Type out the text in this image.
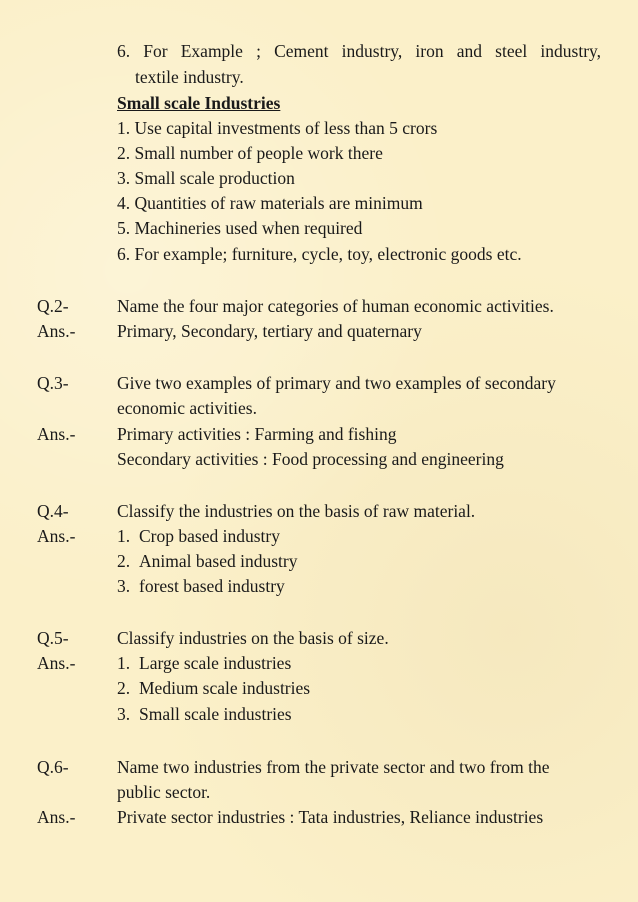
6. For Example ; Cement industry, iron and steel industry,
textile industry.
Small scale Industries
1. Use capital investments of less than 5 crors
2. Small number of people work there
3. Small scale production
4. Quantities of raw materials are minimum
5. Machineries used when required
6. For example; furniture, cycle, toy, electronic goods etc.
Q.2-	Name the four major categories of human economic activities.
Ans.- Primary, Secondary, tertiary and quaternary
Q.3-	Give two examples of primary and two examples of secondary
economic activities.
Ans.- Primary activities : Farming and fishing
Secondary activities : Food processing and engineering
Q.4-	Classify the industries on the basis of raw material.
Ans.- 1. Crop based industry
2. Animal based industry
3. forest based industry
Q.5-	Classify industries on the basis of size.
Ans.- 1. Large scale industries
2. Medium scale industries
3. Small scale industries
Q.6-	Name two industries from the private sector and two from the
public sector.
Ans.- Private sector industries : Tata industries, Reliance industries
